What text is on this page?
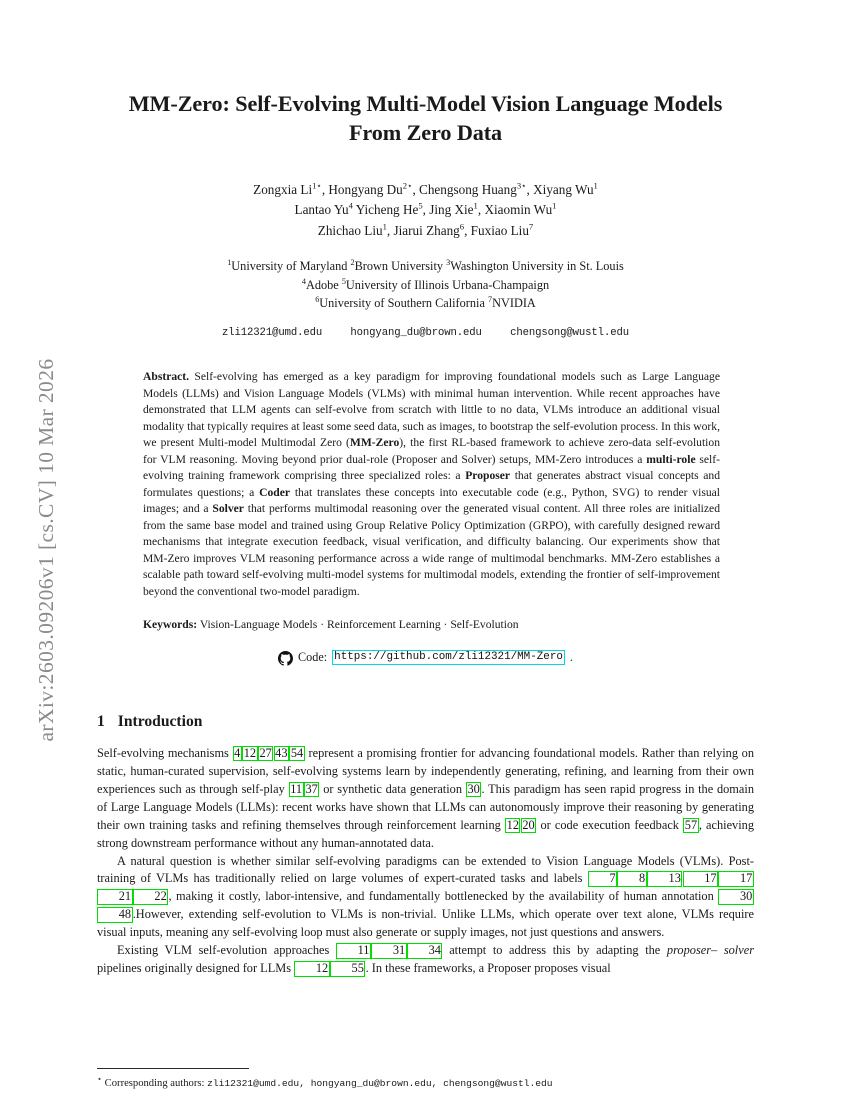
arXiv:2603.09206v1 [cs.CV] 10 Mar 2026
MM-Zero: Self-Evolving Multi-Model Vision Language Models
From Zero Data
Zongxia $Li^{1⋆}$, Hongyang $Du^{2⋆}$, Chengsong Huang$^{3⋆}$, Xiyang Wu$^1$
Lantao Yu$^4$ Yicheng He$^5$, Jing Xie$^1$, Xiaomin Wu$^1$
Zhichao Liu$^1$, Jiarui Zhang$^6$, Fuxiao Liu$^7$
$^1$University of Maryland $^2$Brown University $^3$Washington University in St. Louis
$^4$Adobe $^5$University of Illinois Urbana-Champaign
$^6$University of Southern California $^7$NVIDIA
zli12321@umd.edu	hongyang_du@brown.edu	chengsong@wustl.edu
Abstract. Self-evolving has emerged as a key paradigm for improving foundational models such as Large Language Models (LLMs) and Vision Language Models (VLMs) with minimal human intervention. While recent approaches have demonstrated that LLM agents can self-evolve from scratch with little to no data, VLMs introduce an additional visual modality that typically requires at least some seed data, such as images, to bootstrap the self-evolution process. In this work, we present Multi-model Multimodal Zero (MM-Zero), the first RL-based framework to achieve zero-data self-evolution for VLM reasoning. Moving beyond prior dual-role (Proposer and Solver) setups, MM-Zero introduces a multi-role self-evolving training framework comprising three specialized roles: a Proposer that generates abstract visual concepts and formulates questions; a Coder that translates these concepts into executable code (e.g., Python, SVG) to render visual images; and a Solver that performs multimodal reasoning over the generated visual content. All three roles are initialized from the same base model and trained using Group Relative Policy Optimization (GRPO), with carefully designed reward mechanisms that integrate execution feedback, visual verification, and difficulty balancing. Our experiments show that MM-Zero improves VLM reasoning performance across a wide range of multimodal benchmarks. MM-Zero establishes a scalable path toward self-evolving multi-model systems for multimodal models, extending the frontier of self-improvement beyond the conventional two-model paradigm.
Keywords: Vision-Language Models · Reinforcement Learning · Self-Evolution
Code: https://github.com/zli12321/MM-Zero .
1 Introduction

Self-evolving mechanisms 4 12 27 43 54 represent a promising frontier for advancing foundational models. Rather than relying on static, human-curated supervision, self-evolving systems learn by independently generating, refining, and learning from their own experiences such as through self-play 11 37 or synthetic data generation 30 . This paradigm has seen rapid progress in the domain of Large Language Models (LLMs): recent works have shown that LLMs can autonomously improve their reasoning by generating their own training tasks and refining themselves through reinforcement learning 12 20 or code execution feedback 57 , achieving strong downstream performance without any human-annotated data.

A natural question is whether similar self-evolving paradigms can be extended to Vision Language Models (VLMs). Post-training of VLMs has traditionally relied on large volumes of expert-curated tasks and labels 7 8 13 17 1721 22 , making it costly, labor-intensive, and fundamentally bottlenecked by the availability of human annotation 3048 .However, extending self-evolution to VLMs is non-trivial. Unlike LLMs, which operate over text alone, VLMs require visual inputs, meaning any self-evolving loop must also generate or supply images, not just questions and answers.

Existing VLM self-evolution approaches 11 31 34 attempt to address this by adapting the proposer– solver pipelines originally designed for LLMs 12 55 . In these frameworks, a Proposer proposes visual

⋆ Corresponding authors: zli12321@umd.edu, hongyang_du@brown.edu, chengsong@wustl.edu
